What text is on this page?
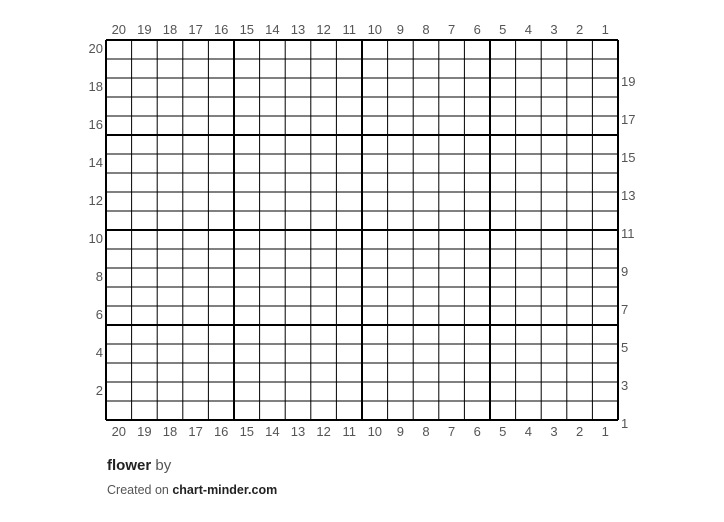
20 19 18 17 16 15 14 13 12 11 10 9 8 7 6 5 4 3 2 1
20 19 18 17 16 15 14 13 12 11 10 9 8 7 6 5 4 3 2 1
20
18
16
14
12
10
8
6
4
2
19
17
15
13
11
9
7
5
3
1
flower by
Created on chart-minder.com
